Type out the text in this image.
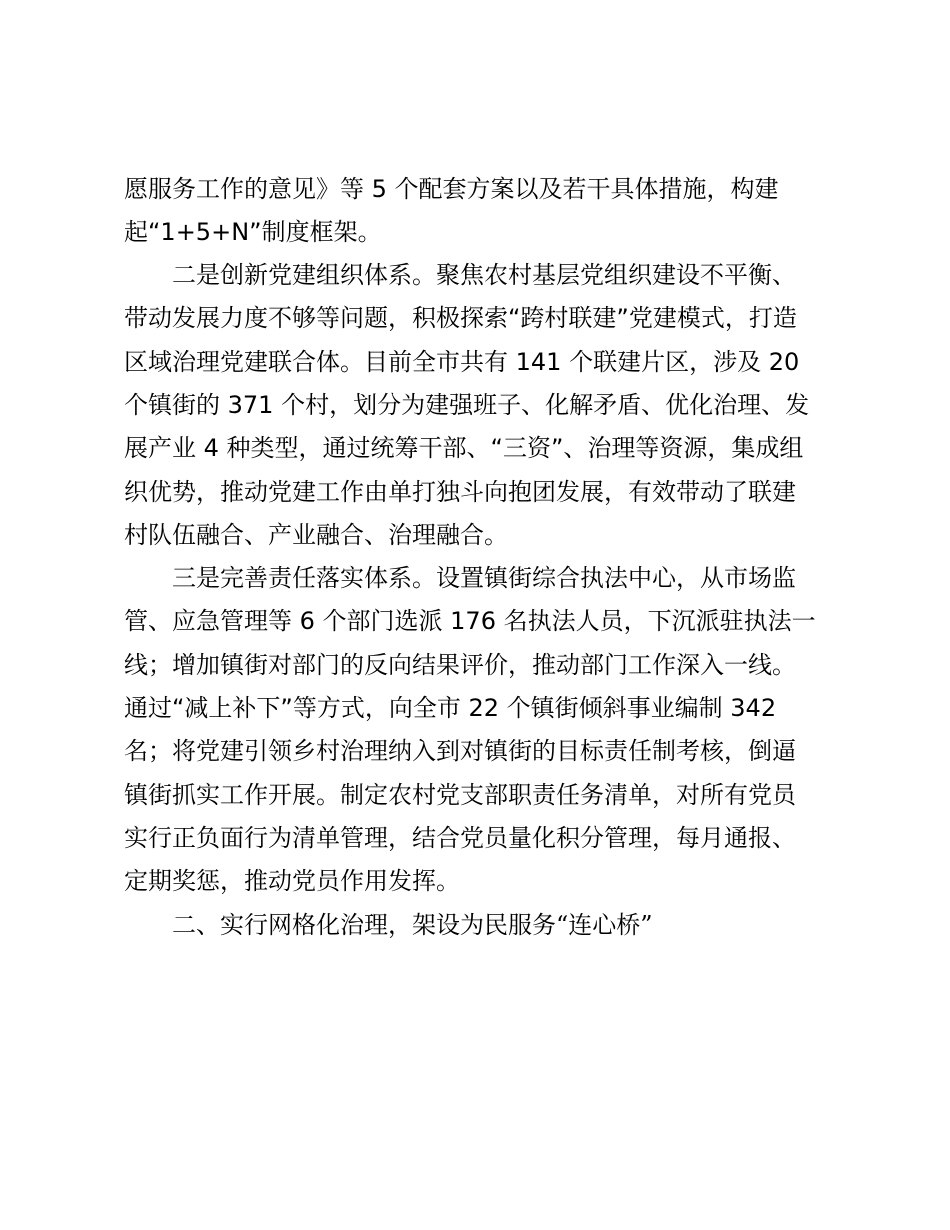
愿服务工作的意见》等 5 个配套方案以及若干具体措施，构建

起“1+5+N”制度框架。

二是创新党建组织体系。聚焦农村基层党组织建设不平衡、

带动发展力度不够等问题，积极探索“跨村联建”党建模式，打造

区域治理党建联合体。目前全市共有 141 个联建片区，涉及 20

个镇街的 371 个村，划分为建强班子、化解矛盾、优化治理、发

展产业 4 种类型，通过统筹干部、“三资”、治理等资源，集成组

织优势，推动党建工作由单打独斗向抱团发展，有效带动了联建

村队伍融合、产业融合、治理融合。

三是完善责任落实体系。设置镇街综合执法中心，从市场监

管、应急管理等 6 个部门选派 176 名执法人员，下沉派驻执法一

线；增加镇街对部门的反向结果评价，推动部门工作深入一线。

通过“减上补下”等方式，向全市 22 个镇街倾斜事业编制 342

名；将党建引领乡村治理纳入到对镇街的目标责任制考核，倒逼

镇街抓实工作开展。制定农村党支部职责任务清单，对所有党员

实行正负面行为清单管理，结合党员量化积分管理，每月通报、

定期奖惩，推动党员作用发挥。

二、实行网格化治理，架设为民服务“连心桥”
